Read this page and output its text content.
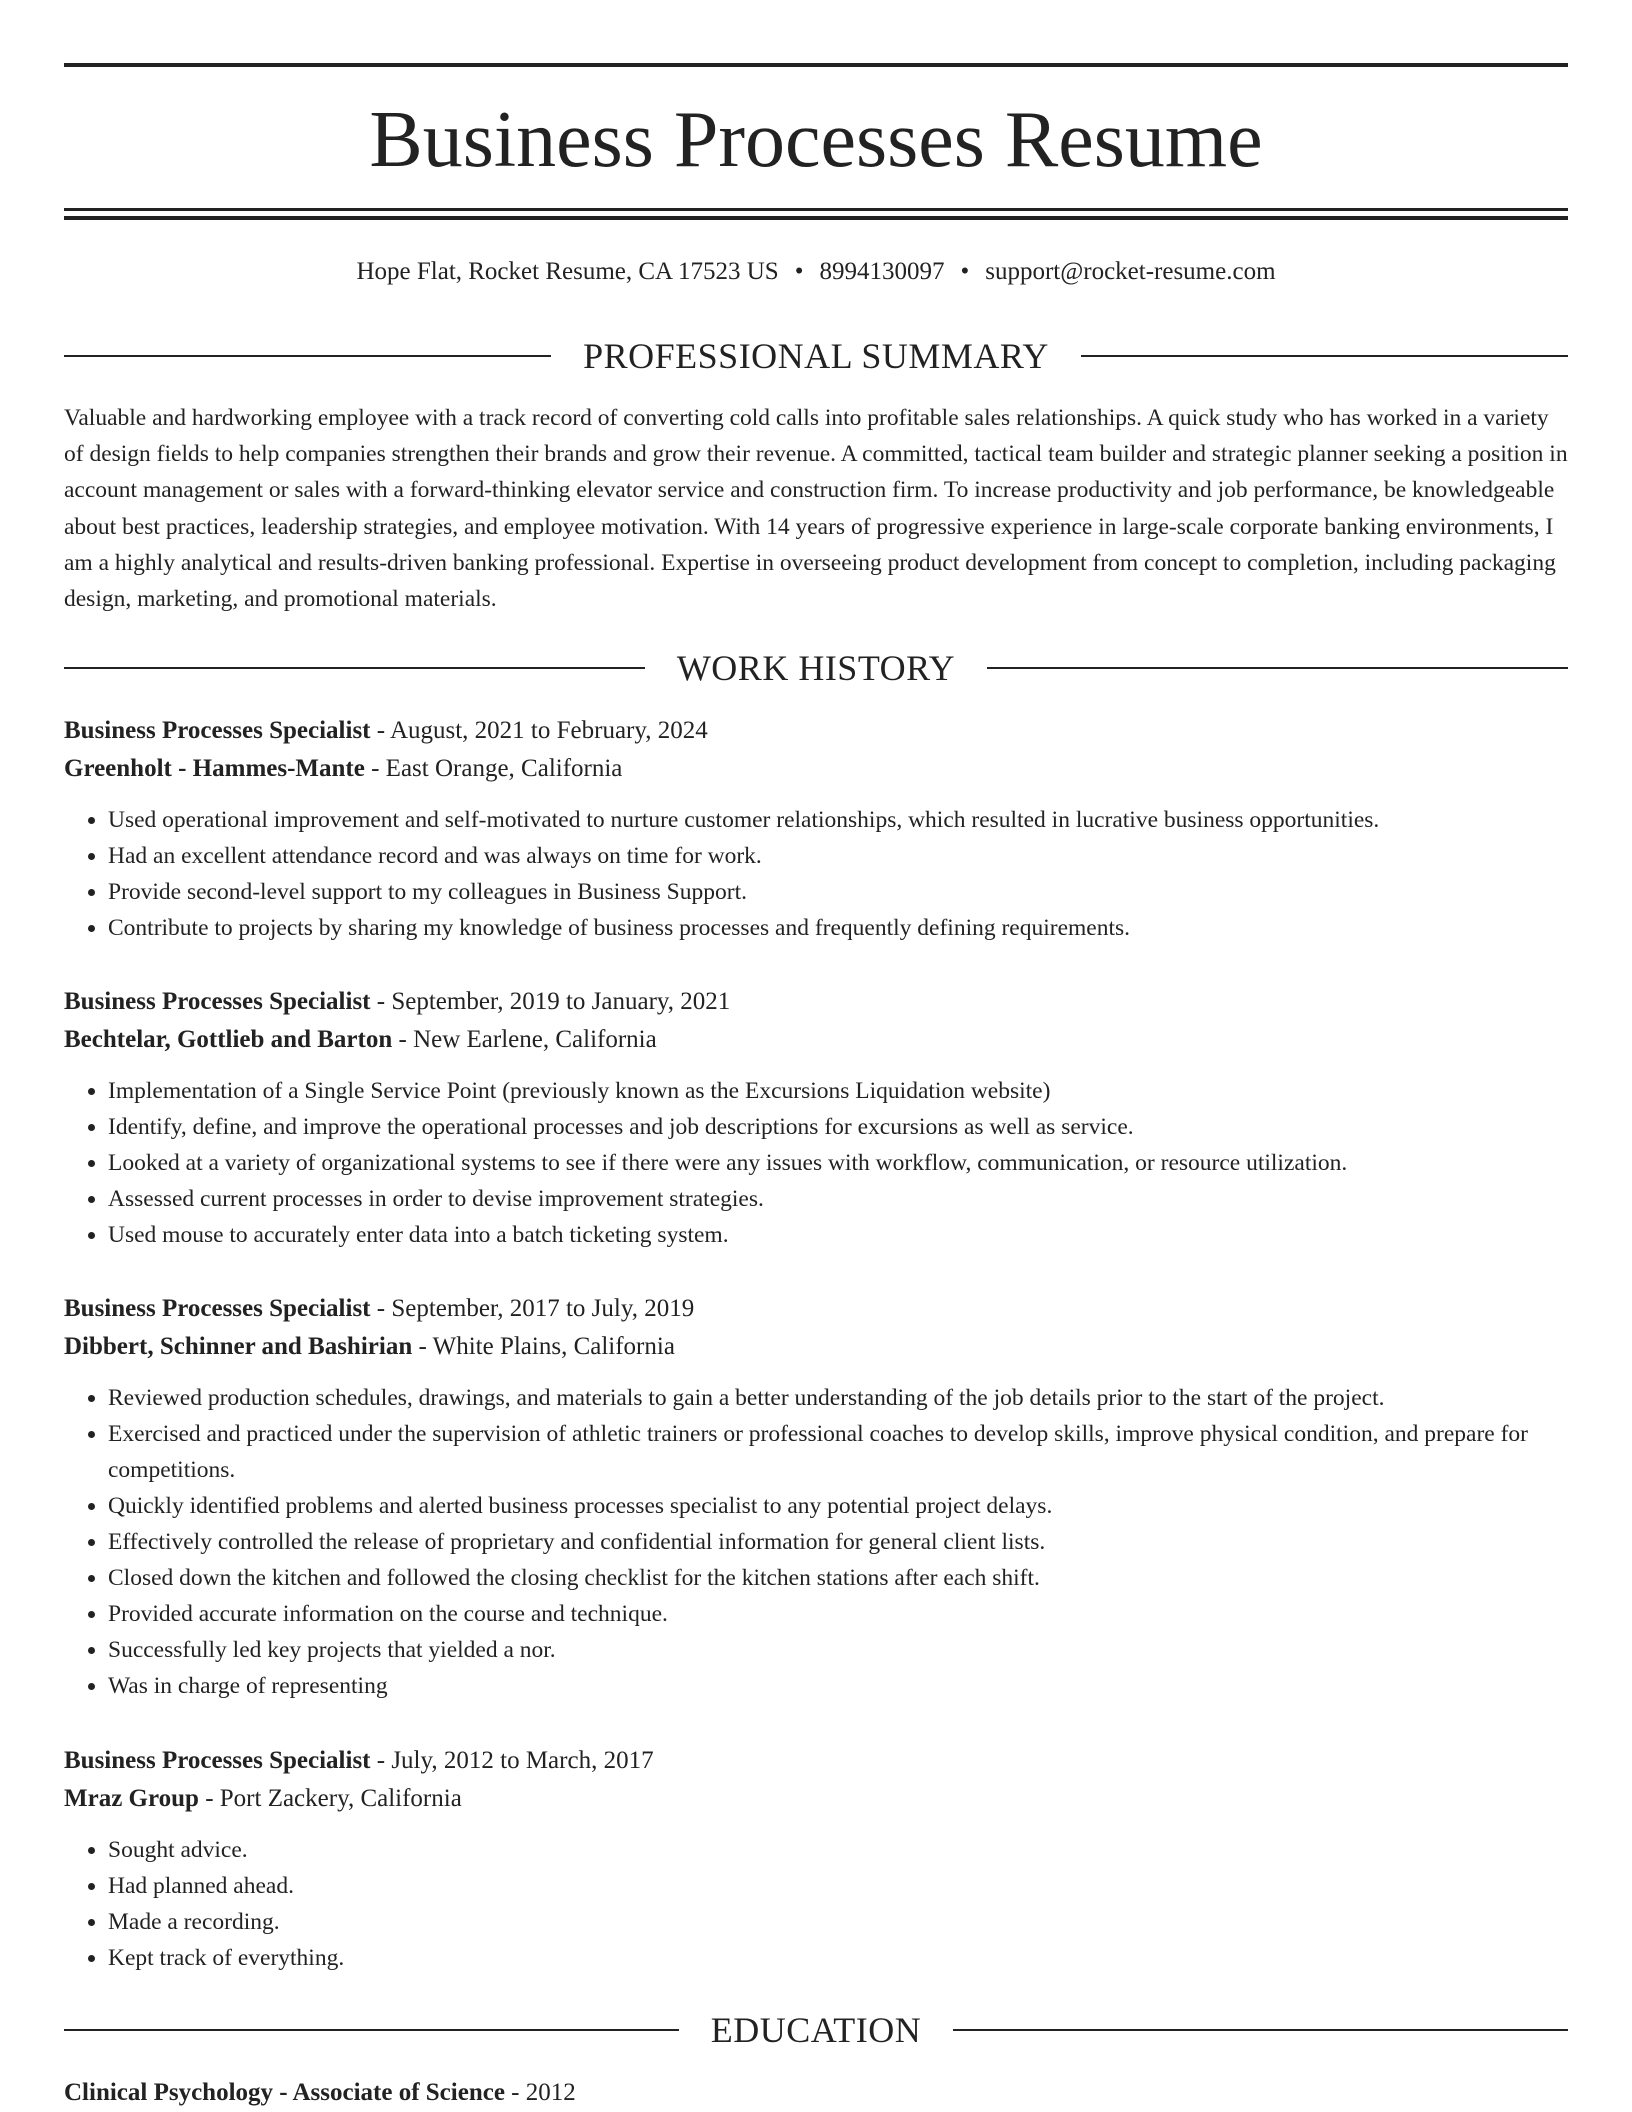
Business Processes Resume
Hope Flat, Rocket Resume, CA 17523 US • 8994130097 • support@rocket-resume.com
PROFESSIONAL SUMMARY

Valuable and hardworking employee with a track record of converting cold calls into profitable sales relationships. A quick study who has worked in a variety of design fields to help companies strengthen their brands and grow their revenue. A committed, tactical team builder and strategic planner seeking a position in account management or sales with a forward-thinking elevator service and construction firm. To increase productivity and job performance, be knowledgeable about best practices, leadership strategies, and employee motivation. With 14 years of progressive experience in large-scale corporate banking environments, I am a highly analytical and results-driven banking professional. Expertise in overseeing product development from concept to completion, including packaging design, marketing, and promotional materials.

WORK HISTORY

Business Processes Specialist - August, 2021 to February, 2024

Greenholt - Hammes-Mante - East Orange, California

• Used operational improvement and self-motivated to nurture customer relationships, which resulted in lucrative business opportunities.
• Had an excellent attendance record and was always on time for work.
• Provide second-level support to my colleagues in Business Support.
• Contribute to projects by sharing my knowledge of business processes and frequently defining requirements.

Business Processes Specialist - September, 2019 to January, 2021

Bechtelar, Gottlieb and Barton - New Earlene, California

• Implementation of a Single Service Point (previously known as the Excursions Liquidation website)
• Identify, define, and improve the operational processes and job descriptions for excursions as well as service.
• Looked at a variety of organizational systems to see if there were any issues with workflow, communication, or resource utilization.
• Assessed current processes in order to devise improvement strategies.
• Used mouse to accurately enter data into a batch ticketing system.

Business Processes Specialist - September, 2017 to July, 2019

Dibbert, Schinner and Bashirian - White Plains, California

• Reviewed production schedules, drawings, and materials to gain a better understanding of the job details prior to the start of the project.
• Exercised and practiced under the supervision of athletic trainers or professional coaches to develop skills, improve physical condition, and prepare for competitions.
• Quickly identified problems and alerted business processes specialist to any potential project delays.
• Effectively controlled the release of proprietary and confidential information for general client lists.
• Closed down the kitchen and followed the closing checklist for the kitchen stations after each shift.
• Provided accurate information on the course and technique.
• Successfully led key projects that yielded a nor.
• Was in charge of representing

Business Processes Specialist - July, 2012 to March, 2017

Mraz Group - Port Zackery, California

• Sought advice.
• Had planned ahead.
• Made a recording.
• Kept track of everything.
EDUCATION

Clinical Psychology - Associate of Science - 2012
